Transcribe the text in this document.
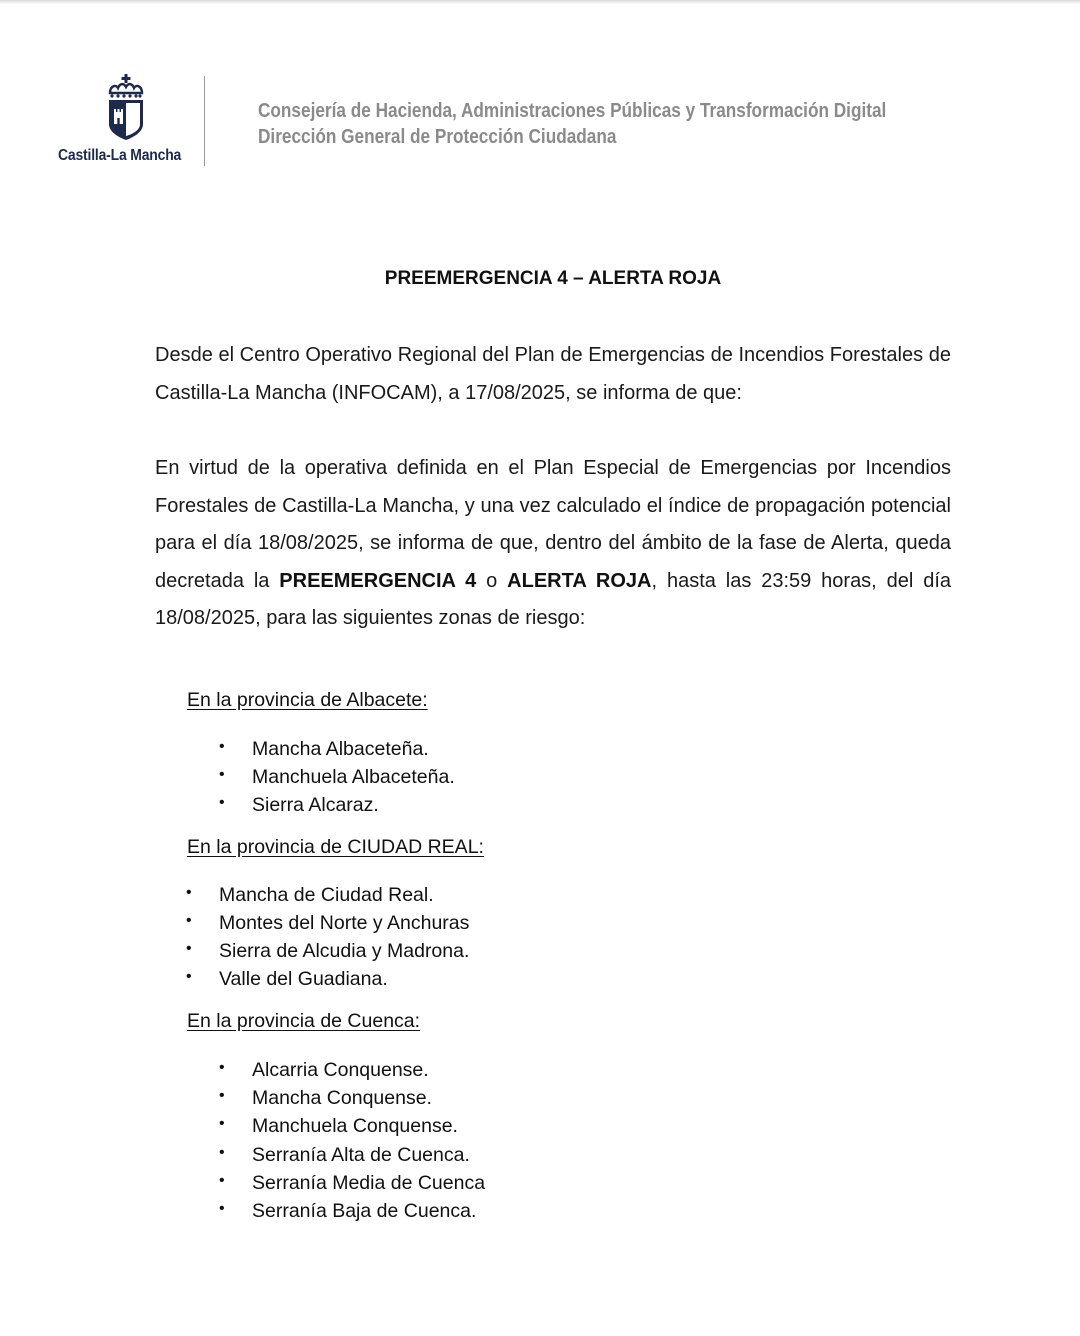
Castilla-La Mancha
Consejería de Hacienda, Administraciones Públicas y Transformación Digital
Dirección General de Protección Ciudadana
PREEMERGENCIA 4 – ALERTA ROJA
Desde el Centro Operativo Regional del Plan de Emergencias de Incendios Forestales de Castilla-La Mancha (INFOCAM), a 17/08/2025, se informa de que:
En virtud de la operativa definida en el Plan Especial de Emergencias por Incendios Forestales de Castilla-La Mancha, y una vez calculado el índice de propagación potencial para el día 18/08/2025, se informa de que, dentro del ámbito de la fase de Alerta, queda decretada la PREEMERGENCIA 4 o ALERTA ROJA, hasta las 23:59 horas, del día 18/08/2025, para las siguientes zonas de riesgo:
En la provincia de Albacete:
• Mancha Albaceteña.
• Manchuela Albaceteña.
• Sierra Alcaraz.
En la provincia de CIUDAD REAL:
• Mancha de Ciudad Real.
• Montes del Norte y Anchuras
• Sierra de Alcudia y Madrona.
• Valle del Guadiana.
En la provincia de Cuenca:
• Alcarria Conquense.
• Mancha Conquense.
• Manchuela Conquense.
• Serranía Alta de Cuenca.
• Serranía Media de Cuenca
• Serranía Baja de Cuenca.
